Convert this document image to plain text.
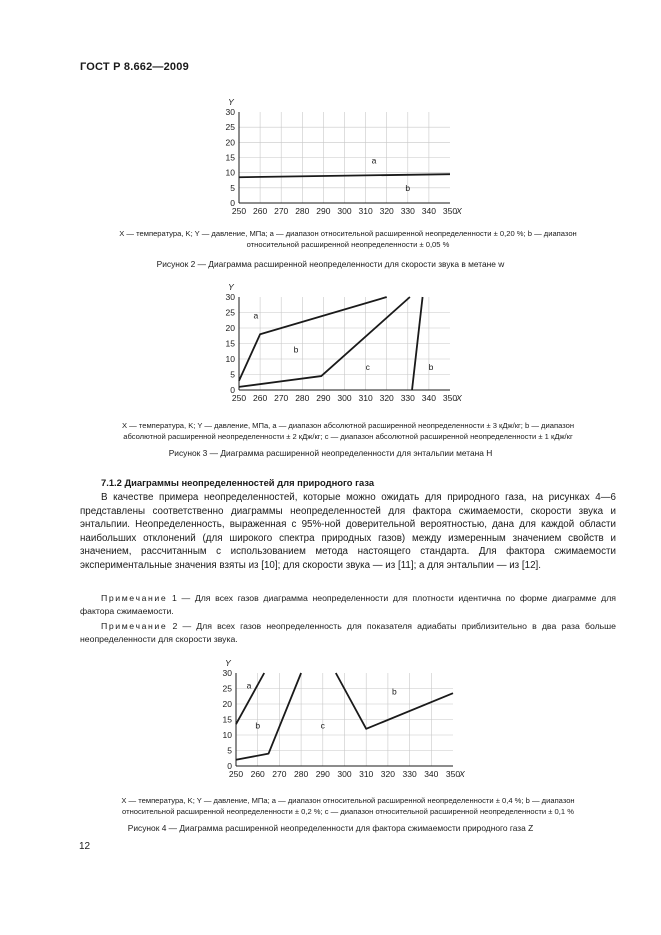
ГОСТ Р 8.662—2009
250 260 270 280 290 300 310 320 330 340 350
0
5
10
15
20
25
30
X
Y
a
b
250 260 270 280 290 300 310 320 330 340 350
0
5
10
15
20
25
30
X
Y
a
b
c	b
250 260 270 280 290 300 310 320 330 340 350
0
5
10
15
20
25
30
X
Y
a
b	c
b
X — температура, K; Y — давление, МПа; a — диапазон относительной расширенной неопределенности ± 0,20 %; b — диапазон
относительной расширенной неопределенности ± 0,05 %
Рисунок 2 — Диаграмма расширенной неопределенности для скорости звука в метане w
X — температура, K; Y — давление, МПа, a — диапазон абсолютной расширенной неопределенности ± 3 кДж/кг; b — диапазон
абсолютной расширенной неопределенности ± 2 кДж/кг; c — диапазон абсолютной расширенной неопределенности ± 1 кДж/кг
Рисунок 3 — Диаграмма расширенной неопределенности для энтальпии метана H
7.1.2 Диаграммы неопределенностей для природного газа
В качестве примера неопределенностей, которые можно ожидать для природного газа, на рисунках 4—6 представлены соответственно диаграммы неопределенностей для фактора сжимаемости, скорости звука и энтальпии. Неопределенность, выраженная с 95%-ной доверительной вероятностью, дана для каждой области наибольших отклонений (для широкого спектра природных газов) между измеренным значением свойств и значением, рассчитанным с использованием метода настоящего стандарта. Для фактора сжимаемости экспериментальные значения взяты из [10]; для скорости звука — из [11]; а для энтальпии — из [12].
Примечание 1 — Для всех газов диаграмма неопределенности для плотности идентична по форме диаграмме для фактора сжимаемости.
Примечание 2 — Для всех газов неопределенность для показателя адиабаты приблизительно в два раза больше неопределенности для скорости звука.
X — температура, K; Y — давление, МПа; a — диапазон относительной расширенной неопределенности ± 0,4 %; b — диапазон
относительной расширенной неопределенности ± 0,2 %; c — диапазон относительной расширенной неопределенности ± 0,1 %
Рисунок 4 — Диаграмма расширенной неопределенности для фактора сжимаемости природного газа Z
12
